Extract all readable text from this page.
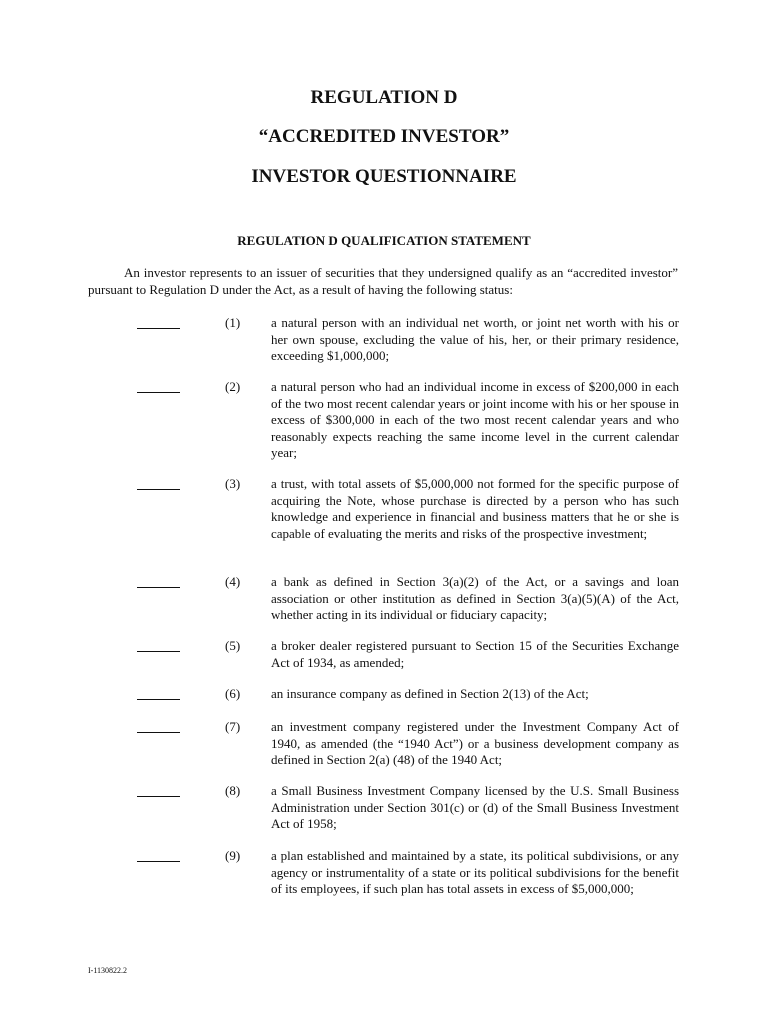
REGULATION D
“ACCREDITED INVESTOR”
INVESTOR QUESTIONNAIRE
REGULATION D QUALIFICATION STATEMENT
An investor represents to an issuer of securities that they undersigned qualify as an “accredited investor” pursuant to Regulation D under the Act, as a result of having the following status:
(1)	a natural person with an individual net worth, or joint net worth with his or her own spouse, excluding the value of his, her, or their primary residence, exceeding $1,000,000;
(2)	a natural person who had an individual income in excess of $200,000 in each of the two most recent calendar years or joint income with his or her spouse in excess of $300,000 in each of the two most recent calendar years and who reasonably expects reaching the same income level in the current calendar year;
(3)	a trust, with total assets of $5,000,000 not formed for the specific purpose of acquiring the Note, whose purchase is directed by a person who has such knowledge and experience in financial and business matters that he or she is capable of evaluating the merits and risks of the prospective investment;
(4)	a bank as defined in Section 3(a)(2) of the Act, or a savings and loan association or other institution as defined in Section 3(a)(5)(A) of the Act, whether acting in its individual or fiduciary capacity;
(5)	a broker dealer registered pursuant to Section 15 of the Securities Exchange Act of 1934, as amended;
(6)	an insurance company as defined in Section 2(13) of the Act;
(7)	an investment company registered under the Investment Company Act of 1940, as amended (the “1940 Act”) or a business development company as defined in Section 2(a) (48) of the 1940 Act;
(8)	a Small Business Investment Company licensed by the U.S. Small Business Administration under Section 301(c) or (d) of the Small Business Investment Act of 1958;
(9)	a plan established and maintained by a state, its political subdivisions, or any agency or instrumentality of a state or its political subdivisions for the benefit of its employees, if such plan has total assets in excess of $5,000,000;
I-1130822.2
